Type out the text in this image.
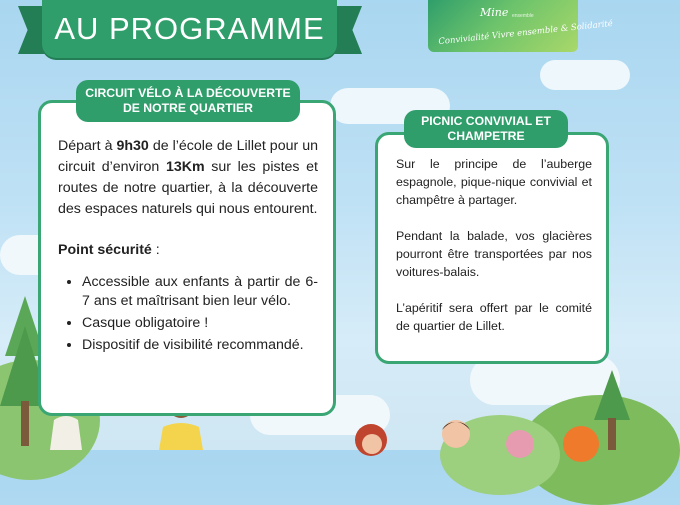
AU PROGRAMME	Mine ensemble
Convivialité Vivre ensemble & Solidarité
CIRCUIT VÉLO À LA DÉCOUVERTE DE NOTRE QUARTIER

Départ à 9h30 de l’école de Lillet pour un circuit d’environ 13Km sur les pistes et routes de notre quartier, à la découverte des espaces naturels qui nous entourent.

Point sécurité :

• Accessible aux enfants à partir de 6-7 ans et maîtrisant bien leur vélo.
• Casque obligatoire !
• Dispositif de visibilité recommandé.
PICNIC CONVIVIAL ET CHAMPETRE

Sur le principe de l’auberge espagnole, pique-nique convivial et champêtre à partager.

Pendant la balade, vos glacières pourront être transportées par nos voitures-balais.

L’apéritif sera offert par le comité de quartier de Lillet.
